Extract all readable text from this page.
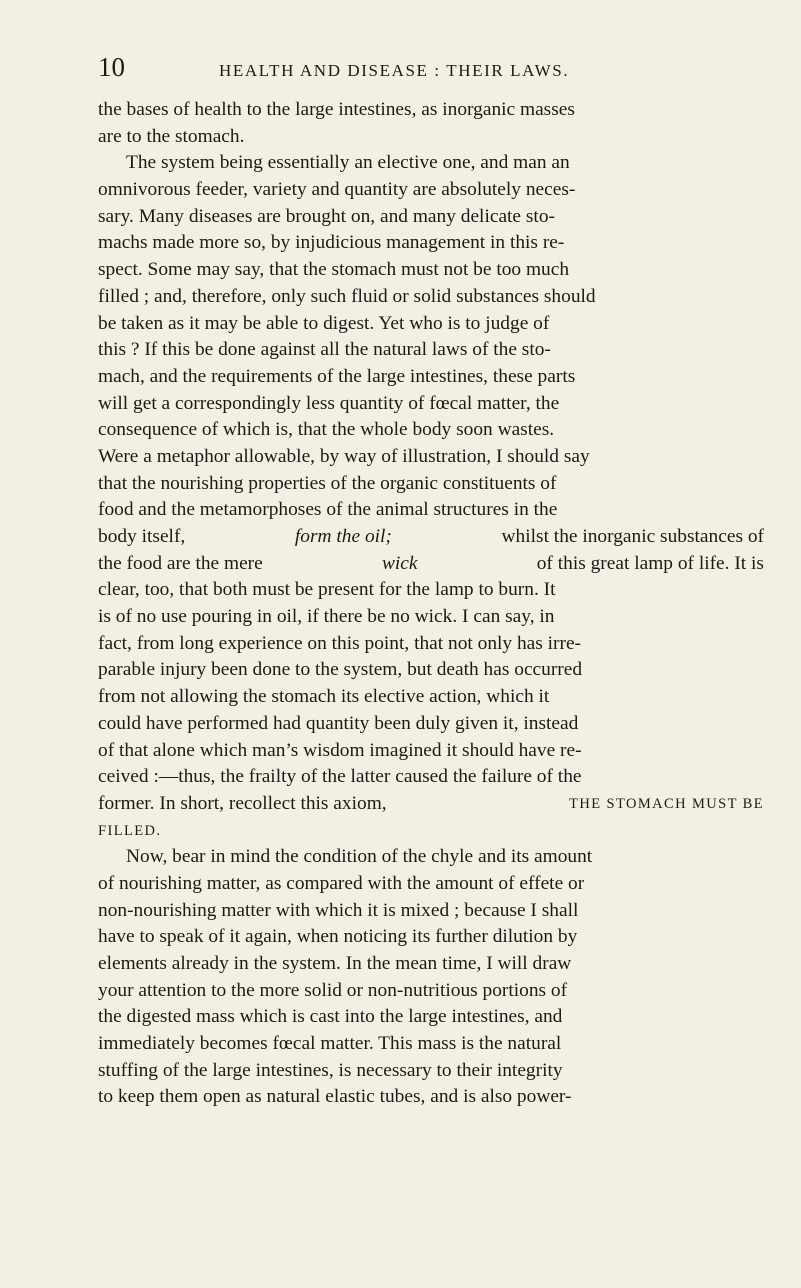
10	HEALTH AND DISEASE : THEIR LAWS.
the bases of health to the large intestines, as inorganic masses
are to the stomach.
The system being essentially an elective one, and man an
omnivorous feeder, variety and quantity are absolutely neces-
sary. Many diseases are brought on, and many delicate sto-
machs made more so, by injudicious management in this re-
spect. Some may say, that the stomach must not be too much
filled ; and, therefore, only such fluid or solid substances should
be taken as it may be able to digest. Yet who is to judge of
this ? If this be done against all the natural laws of the sto-
mach, and the requirements of the large intestines, these parts
will get a correspondingly less quantity of fœcal matter, the
consequence of which is, that the whole body soon wastes.
Were a metaphor allowable, by way of illustration, I should say
that the nourishing properties of the organic constituents of
food and the metamorphoses of the animal structures in the
body itself,	form the oil;	whilst the inorganic substances of
the food are the mere	wick	of this great lamp of life. It is
clear, too, that both must be present for the lamp to burn. It
is of no use pouring in oil, if there be no wick. I can say, in
fact, from long experience on this point, that not only has irre-
parable injury been done to the system, but death has occurred
from not allowing the stomach its elective action, which it
could have performed had quantity been duly given it, instead
of that alone which man’s wisdom imagined it should have re-
ceived :—thus, the frailty of the latter caused the failure of the
former. In short, recollect this axiom,	THE STOMACH MUST BE
FILLED.
Now, bear in mind the condition of the chyle and its amount
of nourishing matter, as compared with the amount of effete or
non-nourishing matter with which it is mixed ; because I shall
have to speak of it again, when noticing its further dilution by
elements already in the system. In the mean time, I will draw
your attention to the more solid or non-nutritious portions of
the digested mass which is cast into the large intestines, and
immediately becomes fœcal matter. This mass is the natural
stuffing of the large intestines, is necessary to their integrity
to keep them open as natural elastic tubes, and is also power-
